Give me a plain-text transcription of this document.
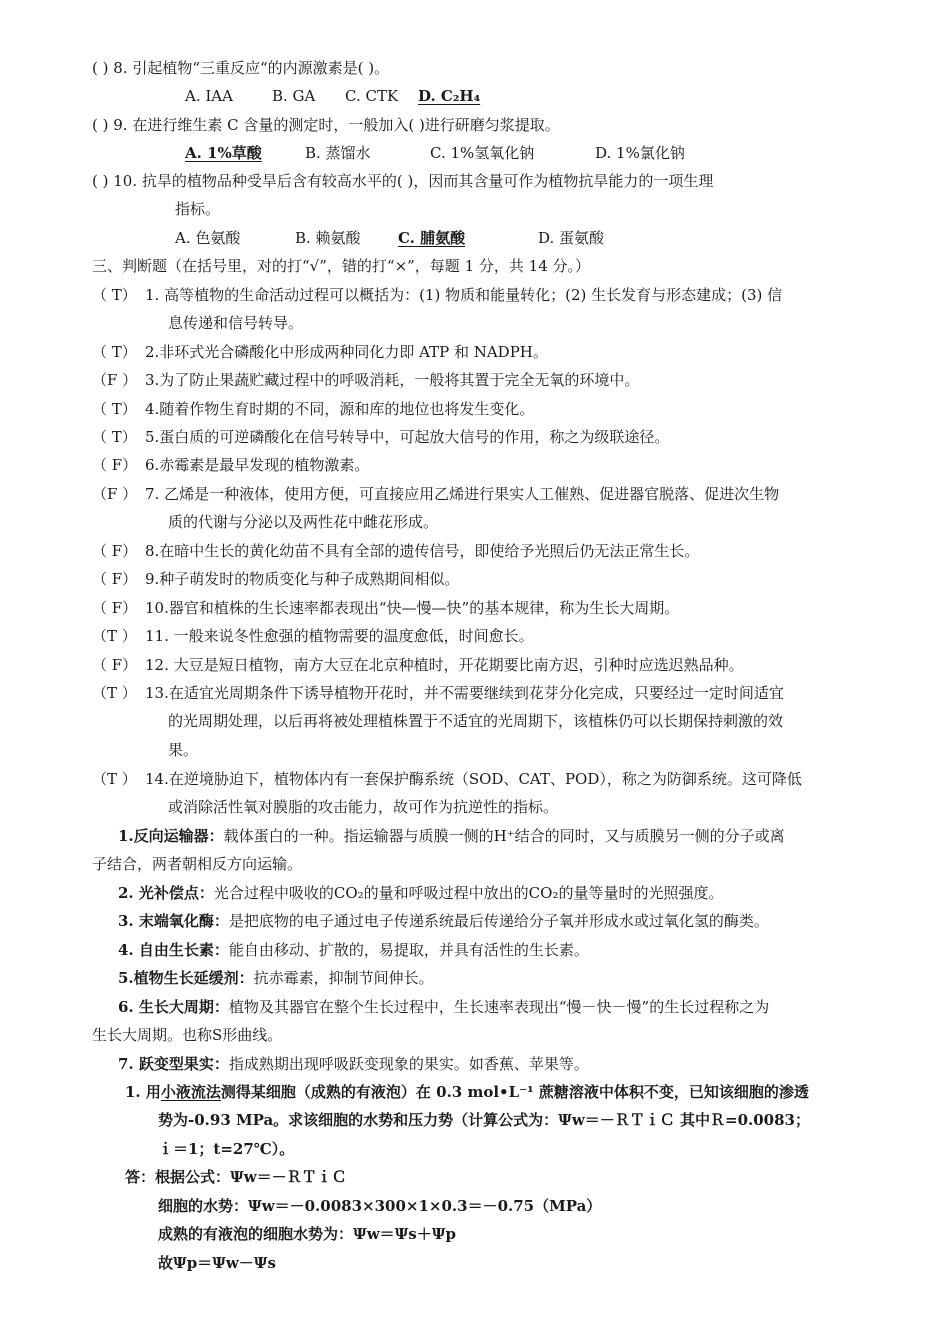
( ) 8. 引起植物“三重反应“的内源激素是( )。
A. IAA	B. GA C. CTK D. C₂H₄
( ) 9. 在进行维生素 C 含量的测定时，一般加入( )进行研磨匀浆提取。
A. 1%草酸	B. 蒸馏水	C. 1%氢氧化钠	D. 1%氯化钠
( ) 10. 抗旱的植物品种受旱后含有较高水平的( )，因而其含量可作为植物抗旱能力的一项生理
指标。
A. 色氨酸	B. 赖氨酸 C. 脯氨酸	D. 蛋氨酸
三、判断题（在括号里，对的打“√”，错的打“×”，每题 1 分，共 14 分。）
（ T） 1. 高等植物的生命活动过程可以概括为：(1) 物质和能量转化；(2) 生长发育与形态建成；(3) 信
息传递和信号转导。
（ T） 2.非环式光合磷酸化中形成两种同化力即 ATP 和 NADPH。
（F ） 3.为了防止果蔬贮藏过程中的呼吸消耗，一般将其置于完全无氧的环境中。
（ T） 4.随着作物生育时期的不同，源和库的地位也将发生变化。
（ T） 5.蛋白质的可逆磷酸化在信号转导中，可起放大信号的作用，称之为级联途径。
（ F） 6.赤霉素是最早发现的植物激素。
（F ） 7. 乙烯是一种液体，使用方便，可直接应用乙烯进行果实人工催熟、促进器官脱落、促进次生物
质的代谢与分泌以及两性花中雌花形成。
（ F） 8.在暗中生长的黄化幼苗不具有全部的遗传信号，即使给予光照后仍无法正常生长。
（ F） 9.种子萌发时的物质变化与种子成熟期间相似。
（ F） 10.器官和植株的生长速率都表现出“快—慢—快”的基本规律，称为生长大周期。
（T ） 11. 一般来说冬性愈强的植物需要的温度愈低，时间愈长。
（ F） 12. 大豆是短日植物，南方大豆在北京种植时，开花期要比南方迟，引种时应选迟熟品种。
（T ） 13.在适宜光周期条件下诱导植物开花时，并不需要继续到花芽分化完成，只要经过一定时间适宜
的光周期处理，以后再将被处理植株置于不适宜的光周期下，该植株仍可以长期保持刺激的效
果。
（T ） 14.在逆境胁迫下，植物体内有一套保护酶系统（SOD、CAT、POD），称之为防御系统。这可降低
或消除活性氧对膜脂的攻击能力，故可作为抗逆性的指标。
1.反向运输器：载体蛋白的一种。指运输器与质膜一侧的H⁺结合的同时，又与质膜另一侧的分子或离
子结合，两者朝相反方向运输。
2. 光补偿点：光合过程中吸收的CO₂的量和呼吸过程中放出的CO₂的量等量时的光照强度。
3. 末端氧化酶：是把底物的电子通过电子传递系统最后传递给分子氧并形成水或过氧化氢的酶类。
4. 自由生长素：能自由移动、扩散的，易提取，并具有活性的生长素。
5.植物生长延缓剂：抗赤霉素，抑制节间伸长。
6. 生长大周期：植物及其器官在整个生长过程中，生长速率表现出“慢－快－慢”的生长过程称之为
生长大周期。也称S形曲线。
7. 跃变型果实：指成熟期出现呼吸跃变现象的果实。如香蕉、苹果等。
1. 用小液流法测得某细胞（成熟的有液泡）在 0.3 mol•L⁻¹ 蔗糖溶液中体积不变，已知该细胞的渗透
势为-0.93 MPa。求该细胞的水势和压力势（计算公式为：Ψw＝－ＲＴｉＣ 其中Ｒ=0.0083；
ｉ＝1；t=27℃）。
答：根据公式：Ψw＝－ＲＴｉＣ
细胞的水势：Ψw＝－0.0083×300×1×0.3＝－0.75（MPa）
成熟的有液泡的细胞水势为：Ψw＝Ψs＋Ψp
故Ψp＝Ψw－Ψs
